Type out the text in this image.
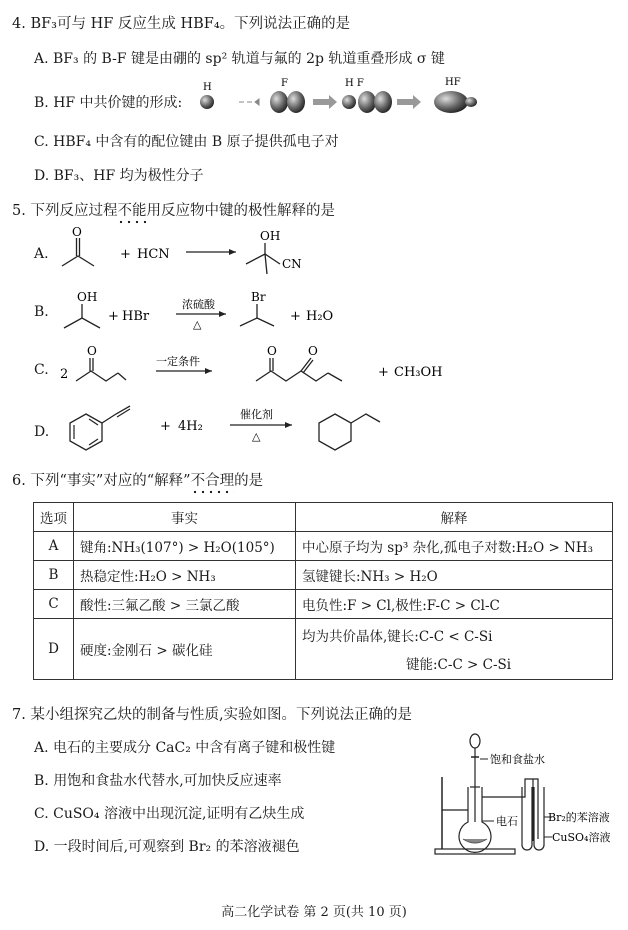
4. BF₃可与 HF 反应生成 HBF₄。下列说法正确的是
A. BF₃ 的 B-F 键是由硼的 sp² 轨道与氟的 2p 轨道重叠形成 σ 键
B. HF 中共价键的形成:
H	F	H F	HF
C. HBF₄ 中含有的配位键由 B 原子提供孤电子对
D. BF₃、HF 均为极性分子
5. 下列反应过程不能用反应物中键的极性解释的是
A.
O
+ HCN
OH
CN
B.
OH
+ HBr
浓硫酸
△
Br
+ H₂O
C. 2
O
一定条件
O	O
+ CH₃OH
D.	+ 4H₂
催化剂
△
6. 下列“事实”对应的“解释”不合理的是
选项	事实	解释
A	键角:NH₃(107°) > H₂O(105°)	中心原子均为 sp³ 杂化,孤电子对数:H₂O > NH₃
B	热稳定性:H₂O > NH₃	氢键键长:NH₃ > H₂O
C	酸性:三氟乙酸 > 三氯乙酸	电负性:F > Cl,极性:F-C > Cl-C
D	硬度:金刚石 > 碳化硅	均为共价晶体,键长:C-C < C-Si
键能:C-C > C-Si
7. 某小组探究乙炔的制备与性质,实验如图。下列说法正确的是
A. 电石的主要成分 CaC₂ 中含有离子键和极性键
B. 用饱和食盐水代替水,可加快反应速率
C. CuSO₄ 溶液中出现沉淀,证明有乙炔生成
D. 一段时间后,可观察到 Br₂ 的苯溶液褪色
饱和食盐水
电石	Br₂的苯溶液
CuSO₄溶液
高二化学试卷 第 2 页(共 10 页)
